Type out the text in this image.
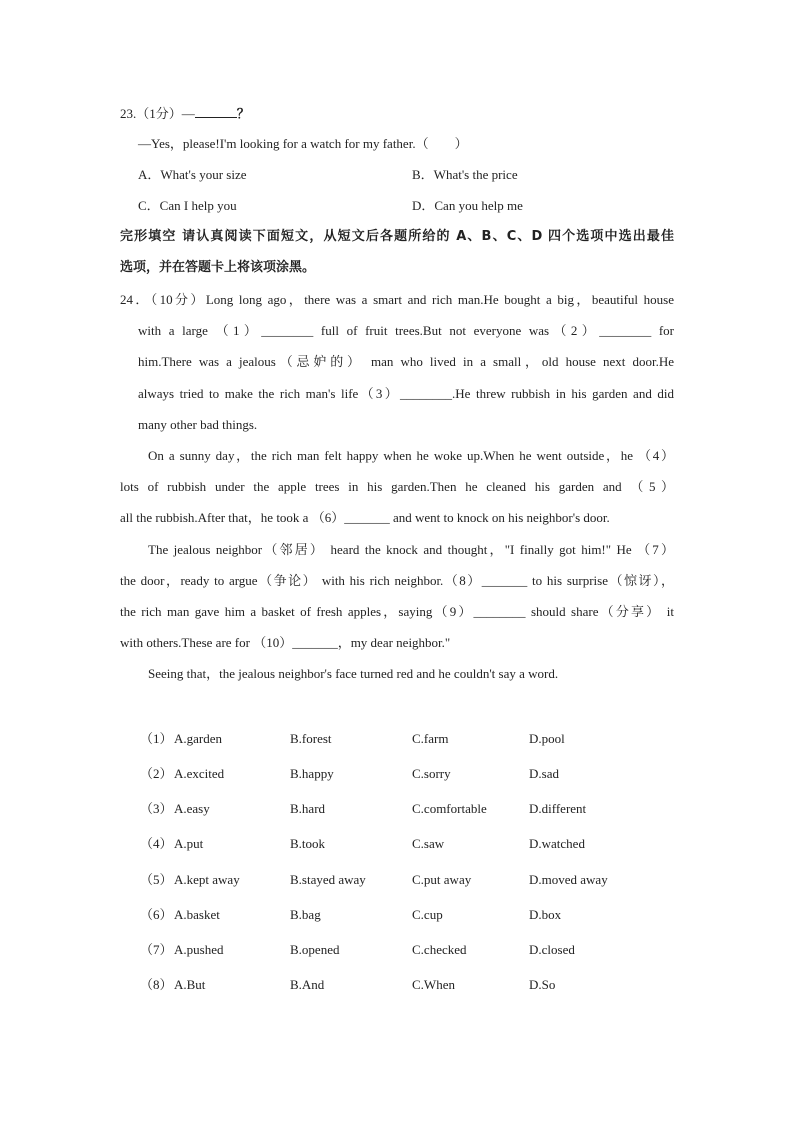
23.（1分）—	？
—Yes，please!I'm looking for a watch for my father.（　　）
A．What's your size	B．What's the price
C．Can I help you	D．Can you help me
完形填空 请认真阅读下面短文，从短文后各题所给的 A、B、C、D 四个选项中选出最佳
选项，并在答题卡上将该项涂黑。
24．（10分）Long long ago，there was a smart and rich man.He bought a big，beautiful house
with a large （1）________ full of fruit trees.But not everyone was（2）________ for
him.There was a jealous（忌妒的） man who lived in a small，old house next door.He
always tried to make the rich man's life（3）________.He threw rubbish in his garden and did
many other bad things.
On a sunny day，the rich man felt happy when he woke up.When he went outside，he （4）
lots of rubbish under the apple trees in his garden.Then he cleaned his garden and （5）
all the rubbish.After that，he took a （6）_______ and went to knock on his neighbor's door.
The jealous neighbor（邻居） heard the knock and thought，"I finally got him!" He （7）
the door，ready to argue（争论） with his rich neighbor.（8）_______ to his surprise（惊讶），
the rich man gave him a basket of fresh apples，saying（9）________ should share（分享） it
with others.These are for （10）_______，my dear neighbor."
Seeing that，the jealous neighbor's face turned red and he couldn't say a word.
（1） A.garden	B.forest	C.farm	D.pool
（2） A.excited	B.happy	C.sorry	D.sad
（3） A.easy	B.hard	C.comfortable	D.different
（4） A.put	B.took	C.saw	D.watched
（5） A.kept away	B.stayed away	C.put away	D.moved away
（6） A.basket	B.bag	C.cup	D.box
（7） A.pushed	B.opened	C.checked	D.closed
（8） A.But	B.And	C.When	D.So
